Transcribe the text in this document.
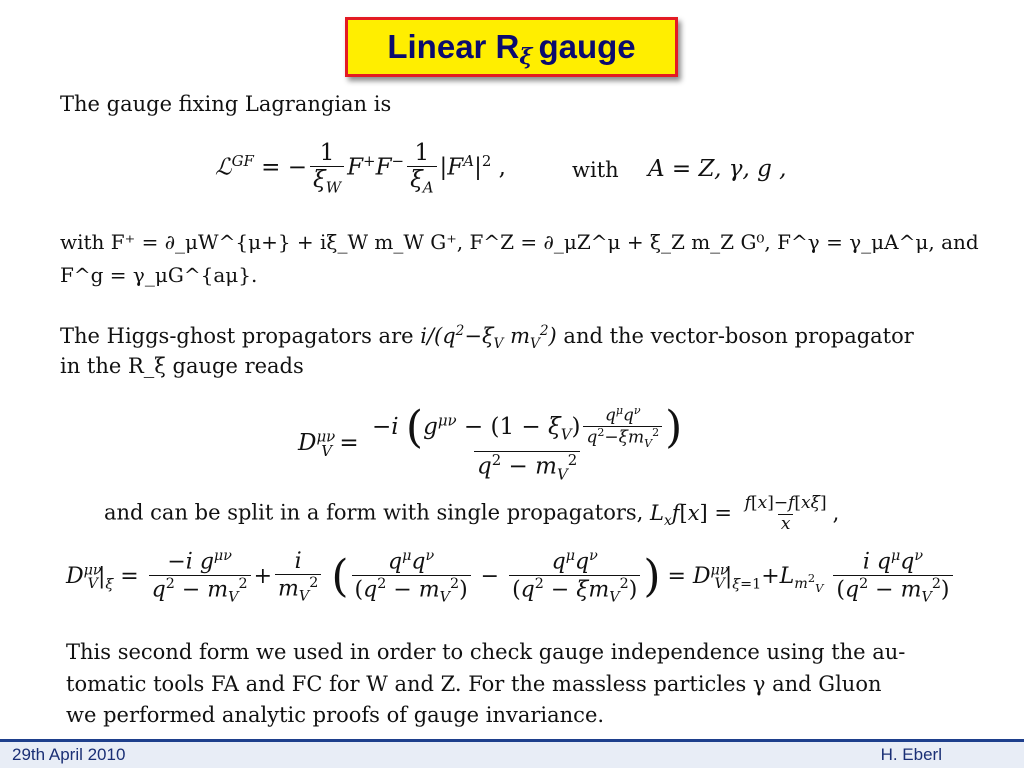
Linear R ξ gauge
The gauge fixing Lagrangian is
ℒ$^{GF}$ = − $\frac{1}{\xi_W} F^+F^- \frac{1}{\xi_A} |F^A|^2$ ,	with A = Z, γ, g ,
with F⁺ = ∂_μW^{μ+} + iξ_W m_W G⁺, F^Z = ∂_μZ^μ + ξ_Z m_Z G⁰, F^γ = γ_μA^μ, and
F^g = γ_μG^{aμ}.
The Higgs-ghost propagators are $i/(q^2-\xi_V$ $m_V^2$) and the vector-boson propagator
in the R_ξ gauge reads
$D^{\mu\nu}_V = \frac{-i (g^{\mu\nu} - (1 - \xi_V) \frac{q^\mu q^\nu}{q^2-\xi m_V^2} )}{q^2 - m_V^2}$
and can be split in a form with single propagators, $L_xf[x] = \frac{f[x]-f[x\xi]}{x}$ ,
$D^{\mu\nu}_V|_\xi = \frac{-i g^{\mu\nu}}{q^2 - m_V^2} + \frac{i}{m_V^2}$ ( $\frac{q^\mu q^\nu}{(q^2 - m_V^2)} - \frac{q^\mu q^\nu}{(q^2 - \xi m_V^2)}$ ) = $D^{\mu\nu}_V|_{\xi=1}+L_{m^2_V} \frac{i q^\mu q^\nu}{(q^2 - m_V^2)}$
This second form we used in order to check gauge independence using the au-
tomatic tools FA and FC for W and Z. For the massless particles γ and Gluon
we performed analytic proofs of gauge invariance.
29th April 2010	H. Eberl
